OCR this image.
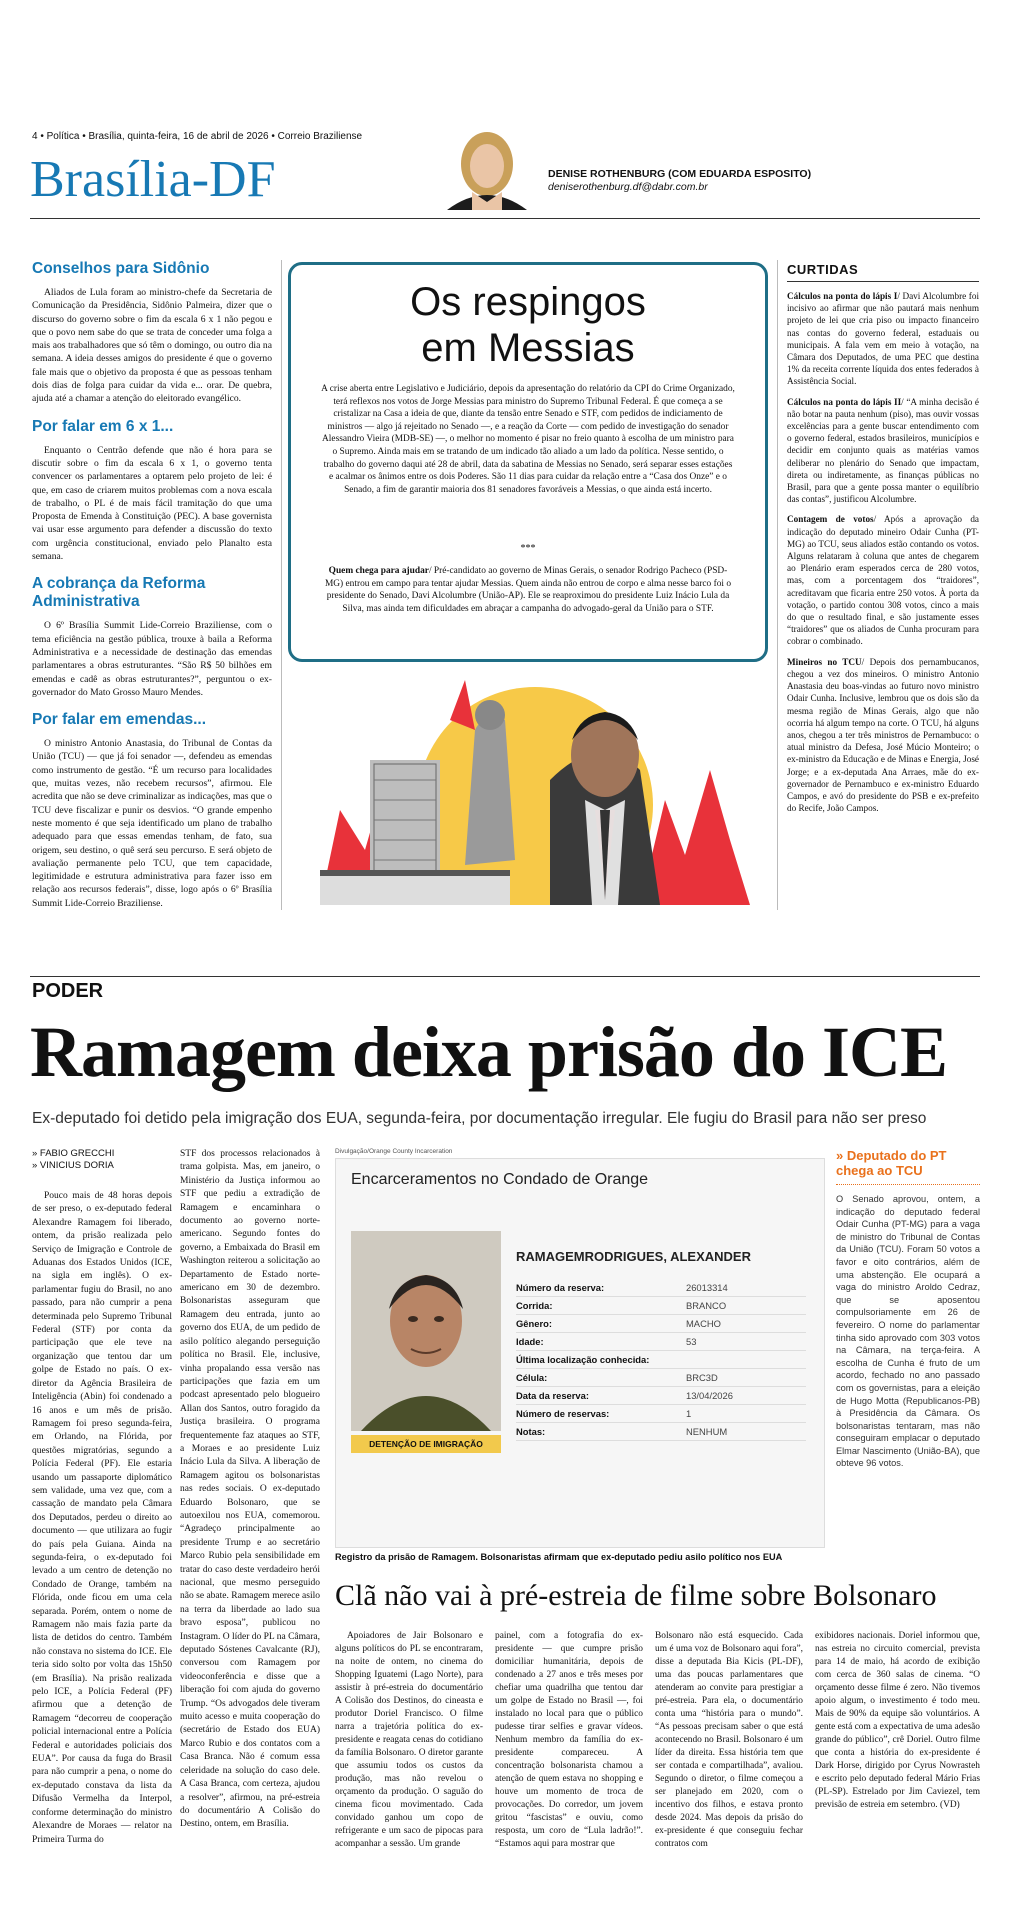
4 • Política • Brasília, quinta-feira, 16 de abril de 2026 • Correio Braziliense
Brasília-DF	DENISE ROTHENBURG (COM EDUARDA ESPOSITO)
deniserothenburg.df@dabr.com.br
Conselhos para Sidônio

Aliados de Lula foram ao ministro-chefe da Secretaria de Comunicação da Presidência, Sidônio Palmeira, dizer que o discurso do governo sobre o fim da escala 6 x 1 não pegou e que o povo nem sabe do que se trata de conceder uma folga a mais aos trabalhadores que só têm o domingo, ou outro dia na semana. A ideia desses amigos do presidente é que o governo fale mais que o objetivo da proposta é que as pessoas tenham dois dias de folga para cuidar da vida e... orar. De quebra, ajuda até a chamar a atenção do eleitorado evangélico.

Por falar em 6 x 1...

Enquanto o Centrão defende que não é hora para se discutir sobre o fim da escala 6 x 1, o governo tenta convencer os parlamentares a optarem pelo projeto de lei: é que, em caso de criarem muitos problemas com a nova escala de trabalho, o PL é de mais fácil tramitação do que uma Proposta de Emenda à Constituição (PEC). A base governista vai usar esse argumento para defender a discussão do texto com urgência constitucional, enviado pelo Planalto esta semana.

A cobrança da Reforma Administrativa

O 6º Brasília Summit Lide-Correio Braziliense, com o tema eficiência na gestão pública, trouxe à baila a Reforma Administrativa e a necessidade de destinação das emendas parlamentares a obras estruturantes. “São R$ 50 bilhões em emendas e cadê as obras estruturantes?”, perguntou o ex-governador do Mato Grosso Mauro Mendes.

Por falar em emendas...

O ministro Antonio Anastasia, do Tribunal de Contas da União (TCU) — que já foi senador —, defendeu as emendas como instrumento de gestão. “É um recurso para localidades que, muitas vezes, não recebem recursos”, afirmou. Ele acredita que não se deve criminalizar as indicações, mas que o TCU deve fiscalizar e punir os desvios. “O grande empenho neste momento é que seja identificado um plano de trabalho adequado para que essas emendas tenham, de fato, sua origem, seu destino, o quê será seu percurso. E será objeto de avaliação permanente pelo TCU, que tem capacidade, legitimidade e estrutura administrativa para fazer isso em relação aos recursos federais”, disse, logo após o 6º Brasília Summit Lide-Correio Braziliense.

Os respingos
em Messias

A crise aberta entre Legislativo e Judiciário, depois da apresentação do relatório da CPI do Crime Organizado, terá reflexos nos votos de Jorge Messias para ministro do Supremo Tribunal Federal. É que começa a se cristalizar na Casa a ideia de que, diante da tensão entre Senado e STF, com pedidos de indiciamento de ministros — algo já rejeitado no Senado —, e a reação da Corte — com pedido de investigação do senador Alessandro Vieira (MDB-SE) —, o melhor no momento é pisar no freio quanto à escolha de um ministro para o Supremo. Ainda mais em se tratando de um indicado tão aliado a um lado da política. Nesse sentido, o trabalho do governo daqui até 28 de abril, data da sabatina de Messias no Senado, será separar esses estações e acalmar os ânimos entre os dois Poderes. São 11 dias para cuidar da relação entre a “Casa dos Onze” e o Senado, a fim de garantir maioria dos 81 senadores favoráveis a Messias, o que ainda está incerto.

***

Quem chega para ajudar/ Pré-candidato ao governo de Minas Gerais, o senador Rodrigo Pacheco (PSD-MG) entrou em campo para tentar ajudar Messias. Quem ainda não entrou de corpo e alma nesse barco foi o presidente do Senado, Davi Alcolumbre (União-AP). Ele se reaproximou do presidente Luiz Inácio Lula da Silva, mas ainda tem dificuldades em abraçar a campanha do advogado-geral da União para o STF.

CURTIDAS

Cálculos na ponta do lápis I/ Davi Alcolumbre foi incisivo ao afirmar que não pautará mais nenhum projeto de lei que cria piso ou impacto financeiro nas contas do governo federal, estaduais ou municipais. A fala vem em meio à votação, na Câmara dos Deputados, de uma PEC que destina 1% da receita corrente líquida dos entes federados à Assistência Social.

Cálculos na ponta do lápis II/ “A minha decisão é não botar na pauta nenhum (piso), mas ouvir vossas excelências para a gente buscar entendimento com o governo federal, estados brasileiros, municípios e decidir em conjunto quais as matérias vamos deliberar no plenário do Senado que impactam, direta ou indiretamente, as finanças públicas no Brasil, para que a gente possa manter o equilíbrio das contas”, justificou Alcolumbre.

Contagem de votos/ Após a aprovação da indicação do deputado mineiro Odair Cunha (PT-MG) ao TCU, seus aliados estão contando os votos. Alguns relataram à coluna que antes de chegarem ao Plenário eram esperados cerca de 280 votos, mas, com a porcentagem dos “traidores”, acreditavam que ficaria entre 250 votos. À porta da votação, o partido contou 308 votos, cinco a mais do que o resultado final, e são justamente esses “traidores” que os aliados de Cunha procuram para cobrar o combinado.

Mineiros no TCU/ Depois dos pernambucanos, chegou a vez dos mineiros. O ministro Antonio Anastasia deu boas-vindas ao futuro novo ministro Odair Cunha. Inclusive, lembrou que os dois são da mesma região de Minas Gerais, algo que não ocorria há algum tempo na corte. O TCU, há alguns anos, chegou a ter três ministros de Pernambuco: o atual ministro da Defesa, José Múcio Monteiro; o ex-ministro da Educação e de Minas e Energia, José Jorge; e a ex-deputada Ana Arraes, mãe do ex-governador de Pernambuco e ex-ministro Eduardo Campos, e avó do presidente do PSB e ex-prefeito do Recife, João Campos.

PODER
Ramagem deixa prisão do ICE
Ex-deputado foi detido pela imigração dos EUA, segunda-feira, por documentação irregular. Ele fugiu do Brasil para não ser preso
» FABIO GRECCHI
» VINICIUS DORIA

Pouco mais de 48 horas depois de ser preso, o ex-deputado federal Alexandre Ramagem foi liberado, ontem, da prisão realizada pelo Serviço de Imigração e Controle de Aduanas dos Estados Unidos (ICE, na sigla em inglês). O ex-parlamentar fugiu do Brasil, no ano passado, para não cumprir a pena determinada pelo Supremo Tribunal Federal (STF) por conta da participação que ele teve na organização que tentou dar um golpe de Estado no país. O ex-diretor da Agência Brasileira de Inteligência (Abin) foi condenado a 16 anos e um mês de prisão. Ramagem foi preso segunda-feira, em Orlando, na Flórida, por questões migratórias, segundo a Polícia Federal (PF). Ele estaria usando um passaporte diplomático sem validade, uma vez que, com a cassação de mandato pela Câmara dos Deputados, perdeu o direito ao documento — que utilizara ao fugir do país pela Guiana. Ainda na segunda-feira, o ex-deputado foi levado a um centro de detenção no Condado de Orange, também na Flórida, onde ficou em uma cela separada. Porém, ontem o nome de Ramagem não mais fazia parte da lista de detidos do centro. Também não constava no sistema do ICE. Ele teria sido solto por volta das 15h50 (em Brasília). Na prisão realizada pelo ICE, a Polícia Federal (PF) afirmou que a detenção de Ramagem “decorreu de cooperação policial internacional entre a Polícia Federal e autoridades policiais dos EUA”. Por causa da fuga do Brasil para não cumprir a pena, o nome do ex-deputado constava da lista da Difusão Vermelha da Interpol, conforme determinação do ministro Alexandre de Moraes — relator na Primeira Turma do

STF dos processos relacionados à trama golpista. Mas, em janeiro, o Ministério da Justiça informou ao STF que pediu a extradição de Ramagem e encaminhara o documento ao governo norte-americano. Segundo fontes do governo, a Embaixada do Brasil em Washington reiterou a solicitação ao Departamento de Estado norte-americano em 30 de dezembro. Bolsonaristas asseguram que Ramagem deu entrada, junto ao governo dos EUA, de um pedido de asilo político alegando perseguição política no Brasil. Ele, inclusive, vinha propalando essa versão nas participações que fazia em um podcast apresentado pelo blogueiro Allan dos Santos, outro foragido da Justiça brasileira. O programa frequentemente faz ataques ao STF, a Moraes e ao presidente Luiz Inácio Lula da Silva. A liberação de Ramagem agitou os bolsonaristas nas redes sociais. O ex-deputado Eduardo Bolsonaro, que se autoexilou nos EUA, comemorou. “Agradeço principalmente ao presidente Trump e ao secretário Marco Rubio pela sensibilidade em tratar do caso deste verdadeiro herói nacional, que mesmo perseguido não se abate. Ramagem merece asilo na terra da liberdade ao lado sua bravo esposa”, publicou no Instagram. O líder do PL na Câmara, deputado Sóstenes Cavalcante (RJ), conversou com Ramagem por videoconferência e disse que a liberação foi com ajuda do governo Trump. “Os advogados dele tiveram muito acesso e muita cooperação do (secretário de Estado dos EUA) Marco Rubio e dos contatos com a Casa Branca. Não é comum essa celeridade na solução do caso dele. A Casa Branca, com certeza, ajudou a resolver”, afirmou, na pré-estreia do documentário A Colisão do Destino, ontem, em Brasília.

Divulgação/Orange County Incarceration
Encarceramentos no Condado de Orange
DETENÇÃO DE IMIGRAÇÃO
RAMAGEMRODRIGUES, ALEXANDER
Número da reserva:	26013314
Corrida:	BRANCO
Gênero:	MACHO
Idade:	53
Última localização conhecida:
Célula:	BRC3D
Data da reserva:	13/04/2026
Número de reservas:	1
Notas:	NENHUM
Registro da prisão de Ramagem. Bolsonaristas afirmam que ex-deputado pediu asilo político nos EUA
» Deputado do PT chega ao TCU
O Senado aprovou, ontem, a indicação do deputado federal Odair Cunha (PT-MG) para a vaga de ministro do Tribunal de Contas da União (TCU). Foram 50 votos a favor e oito contrários, além de uma abstenção. Ele ocupará a vaga do ministro Aroldo Cedraz, que se aposentou compulsoriamente em 26 de fevereiro. O nome do parlamentar tinha sido aprovado com 303 votos na Câmara, na terça-feira. A escolha de Cunha é fruto de um acordo, fechado no ano passado com os governistas, para a eleição de Hugo Motta (Republicanos-PB) à Presidência da Câmara. Os bolsonaristas tentaram, mas não conseguiram emplacar o deputado Elmar Nascimento (União-BA), que obteve 96 votos.
Clã não vai à pré-estreia de filme sobre Bolsonaro

Apoiadores de Jair Bolsonaro e alguns políticos do PL se encontraram, na noite de ontem, no cinema do Shopping Iguatemi (Lago Norte), para assistir à pré-estreia do documentário A Colisão dos Destinos, do cineasta e produtor Doriel Francisco. O filme narra a trajetória política do ex-presidente e reagata cenas do cotidiano da família Bolsonaro. O diretor garante que assumiu todos os custos da produção, mas não revelou o orçamento da produção. O saguão do cinema ficou movimentado. Cada convidado ganhou um copo de refrigerante e um saco de pipocas para acompanhar a sessão. Um grande

painel, com a fotografia do ex-presidente — que cumpre prisão domiciliar humanitária, depois de condenado a 27 anos e três meses por chefiar uma quadrilha que tentou dar um golpe de Estado no Brasil —, foi instalado no local para que o público pudesse tirar selfies e gravar vídeos. Nenhum membro da família do ex-presidente compareceu. A concentração bolsonarista chamou a atenção de quem estava no shopping e houve um momento de troca de provocações. Do corredor, um jovem gritou “fascistas” e ouviu, como resposta, um coro de “Lula ladrão!”. “Estamos aqui para mostrar que

Bolsonaro não está esquecido. Cada um é uma voz de Bolsonaro aqui fora”, disse a deputada Bia Kicis (PL-DF), uma das poucas parlamentares que atenderam ao convite para prestigiar a pré-estreia. Para ela, o documentário conta uma “história para o mundo”. “As pessoas precisam saber o que está acontecendo no Brasil. Bolsonaro é um líder da direita. Essa história tem que ser contada e compartilhada”, avaliou. Segundo o diretor, o filme começou a ser planejado em 2020, com o incentivo dos filhos, e estava pronto desde 2024. Mas depois da prisão do ex-presidente é que conseguiu fechar contratos com

exibidores nacionais. Doriel informou que, nas estreia no circuito comercial, prevista para 14 de maio, há acordo de exibição com cerca de 360 salas de cinema. “O orçamento desse filme é zero. Não tivemos apoio algum, o investimento é todo meu. Mais de 90% da equipe são voluntários. A gente está com a expectativa de uma adesão grande do público”, crê Doriel. Outro filme que conta a história do ex-presidente é Dark Horse, dirigido por Cyrus Nowrasteh e escrito pelo deputado federal Mário Frias (PL-SP). Estrelado por Jim Caviezel, tem previsão de estreia em setembro. (VD)
